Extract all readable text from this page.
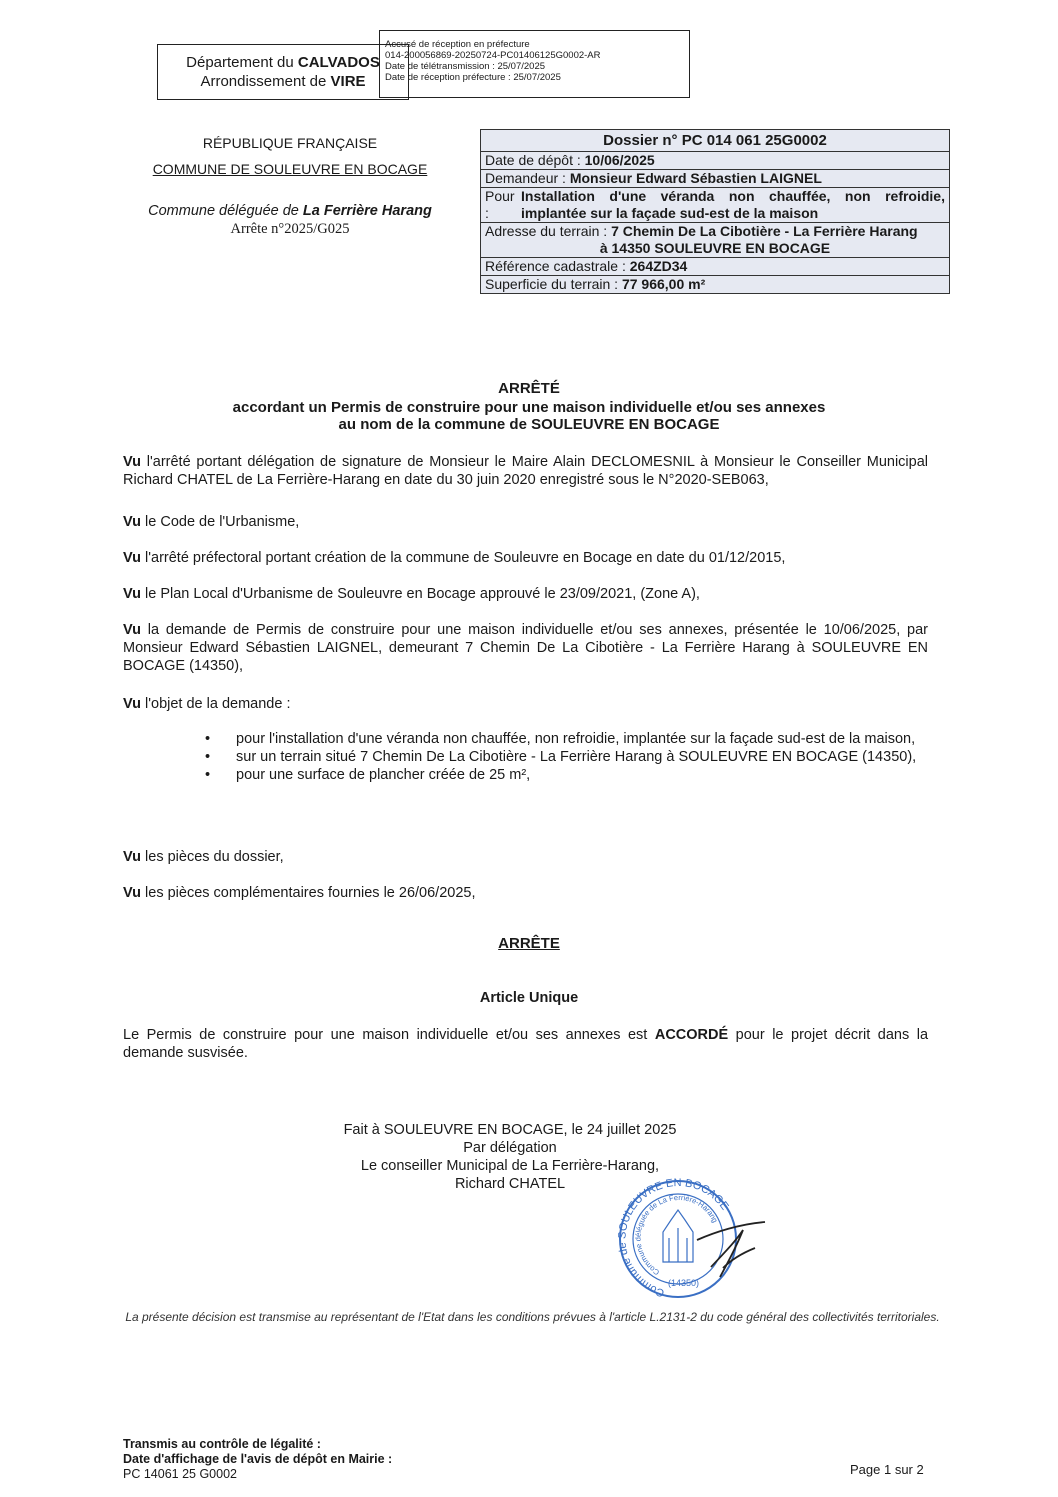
Département du CALVADOS
Arrondissement de VIRE
Accusé de réception en préfecture
014-200056869-20250724-PC01406125G0002-AR
Date de télétransmission : 25/07/2025
Date de réception préfecture : 25/07/2025
RÉPUBLIQUE FRANÇAISE
COMMUNE DE SOULEUVRE EN BOCAGE
Commune déléguée de La Ferrière Harang
Arrête n°2025/G025
Dossier n° PC 014 061 25G0002
Date de dépôt : 10/06/2025
Demandeur : Monsieur Edward Sébastien LAIGNEL

Pour :
Installation d'une véranda non chauffée, non refroidie, implantée sur la façade sud-est de la maison

Adresse du terrain : 7 Chemin De La Cibotière - La Ferrière Harang

à 14350 SOULEUVRE EN BOCAGE

Référence cadastrale : 264ZD34
Superficie du terrain : 77 966,00 m²
ARRÊTÉ
accordant un Permis de construire pour une maison individuelle et/ou ses annexes
au nom de la commune de SOULEUVRE EN BOCAGE
Vu l'arrêté portant délégation de signature de Monsieur le Maire Alain DECLOMESNIL à Monsieur le Conseiller Municipal Richard CHATEL de La Ferrière-Harang en date du 30 juin 2020 enregistré sous le N°2020-SEB063,
Vu le Code de l'Urbanisme,
Vu l'arrêté préfectoral portant création de la commune de Souleuvre en Bocage en date du 01/12/2015,
Vu le Plan Local d'Urbanisme de Souleuvre en Bocage approuvé le 23/09/2021, (Zone A),
Vu la demande de Permis de construire pour une maison individuelle et/ou ses annexes, présentée le 10/06/2025, par Monsieur Edward Sébastien LAIGNEL, demeurant 7 Chemin De La Cibotière - La Ferrière Harang à SOULEUVRE EN BOCAGE (14350),
Vu l'objet de la demande :
• pour l'installation d'une véranda non chauffée, non refroidie, implantée sur la façade sud-est de la maison,
• sur un terrain situé 7 Chemin De La Cibotière - La Ferrière Harang à SOULEUVRE EN BOCAGE (14350),
• pour une surface de plancher créée de 25 m²,
Vu les pièces du dossier,
Vu les pièces complémentaires fournies le 26/06/2025,
ARRÊTE
Article Unique
Le Permis de construire pour une maison individuelle et/ou ses annexes est ACCORDÉ pour le projet décrit dans la demande susvisée.
Fait à SOULEUVRE EN BOCAGE, le 24 juillet 2025
Par délégation
Le conseiller Municipal de La Ferrière-Harang,
Richard CHATEL
Commune de SOULEUVRE EN BOCAGE
Commune déléguée de La Ferrière-Harang
(14350)
La présente décision est transmise au représentant de l'Etat dans les conditions prévues à l'article L.2131-2 du code général des collectivités territoriales.
Transmis au contrôle de légalité :
Date d'affichage de l'avis de dépôt en Mairie :
PC 14061 25 G0002	Page 1 sur 2
